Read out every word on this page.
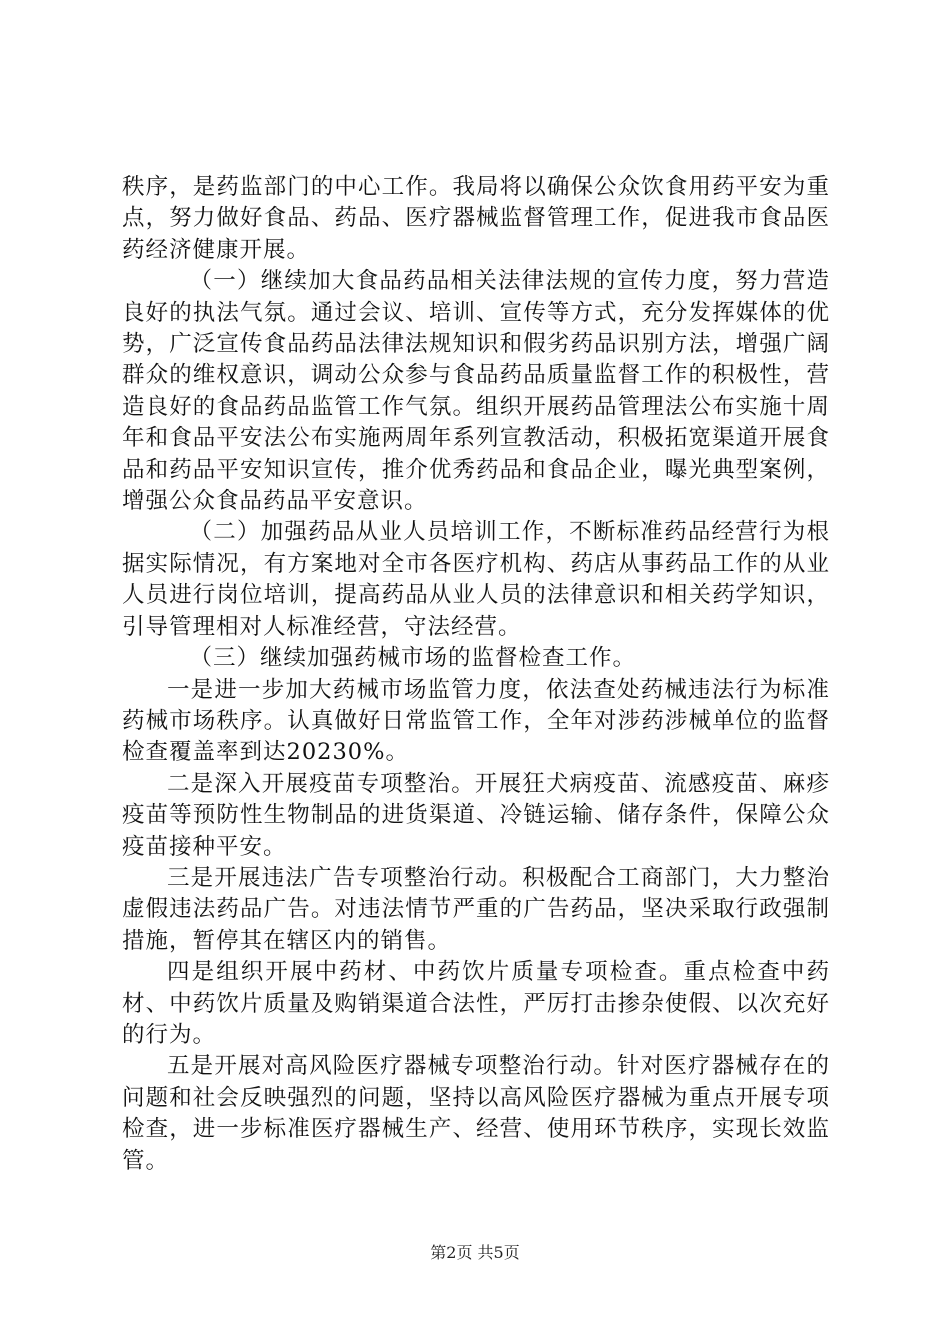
秩序，是药监部门的中心工作。我局将以确保公众饮食用药平安为重点，努力做好食品、药品、医疗器械监督管理工作，促进我市食品医药经济健康开展。

（一）继续加大食品药品相关法律法规的宣传力度，努力营造良好的执法气氛。通过会议、培训、宣传等方式，充分发挥媒体的优势，广泛宣传食品药品法律法规知识和假劣药品识别方法，增强广阔群众的维权意识，调动公众参与食品药品质量监督工作的积极性，营造良好的食品药品监管工作气氛。组织开展药品管理法公布实施十周年和食品平安法公布实施两周年系列宣教活动，积极拓宽渠道开展食品和药品平安知识宣传，推介优秀药品和食品企业，曝光典型案例，增强公众食品药品平安意识。

（二）加强药品从业人员培训工作，不断标准药品经营行为根据实际情况，有方案地对全市各医疗机构、药店从事药品工作的从业人员进行岗位培训，提高药品从业人员的法律意识和相关药学知识，引导管理相对人标准经营，守法经营。

（三）继续加强药械市场的监督检查工作。

一是进一步加大药械市场监管力度，依法查处药械违法行为标准药械市场秩序。认真做好日常监管工作，全年对涉药涉械单位的监督检查覆盖率到达20230%。

二是深入开展疫苗专项整治。开展狂犬病疫苗、流感疫苗、麻疹疫苗等预防性生物制品的进货渠道、冷链运输、储存条件，保障公众疫苗接种平安。

三是开展违法广告专项整治行动。积极配合工商部门，大力整治虚假违法药品广告。对违法情节严重的广告药品，坚决采取行政强制措施，暂停其在辖区内的销售。

四是组织开展中药材、中药饮片质量专项检查。重点检查中药材、中药饮片质量及购销渠道合法性，严厉打击掺杂使假、以次充好的行为。

五是开展对高风险医疗器械专项整治行动。针对医疗器械存在的问题和社会反映强烈的问题，坚持以高风险医疗器械为重点开展专项检查，进一步标准医疗器械生产、经营、使用环节秩序，实现长效监管。

第2页 共5页
